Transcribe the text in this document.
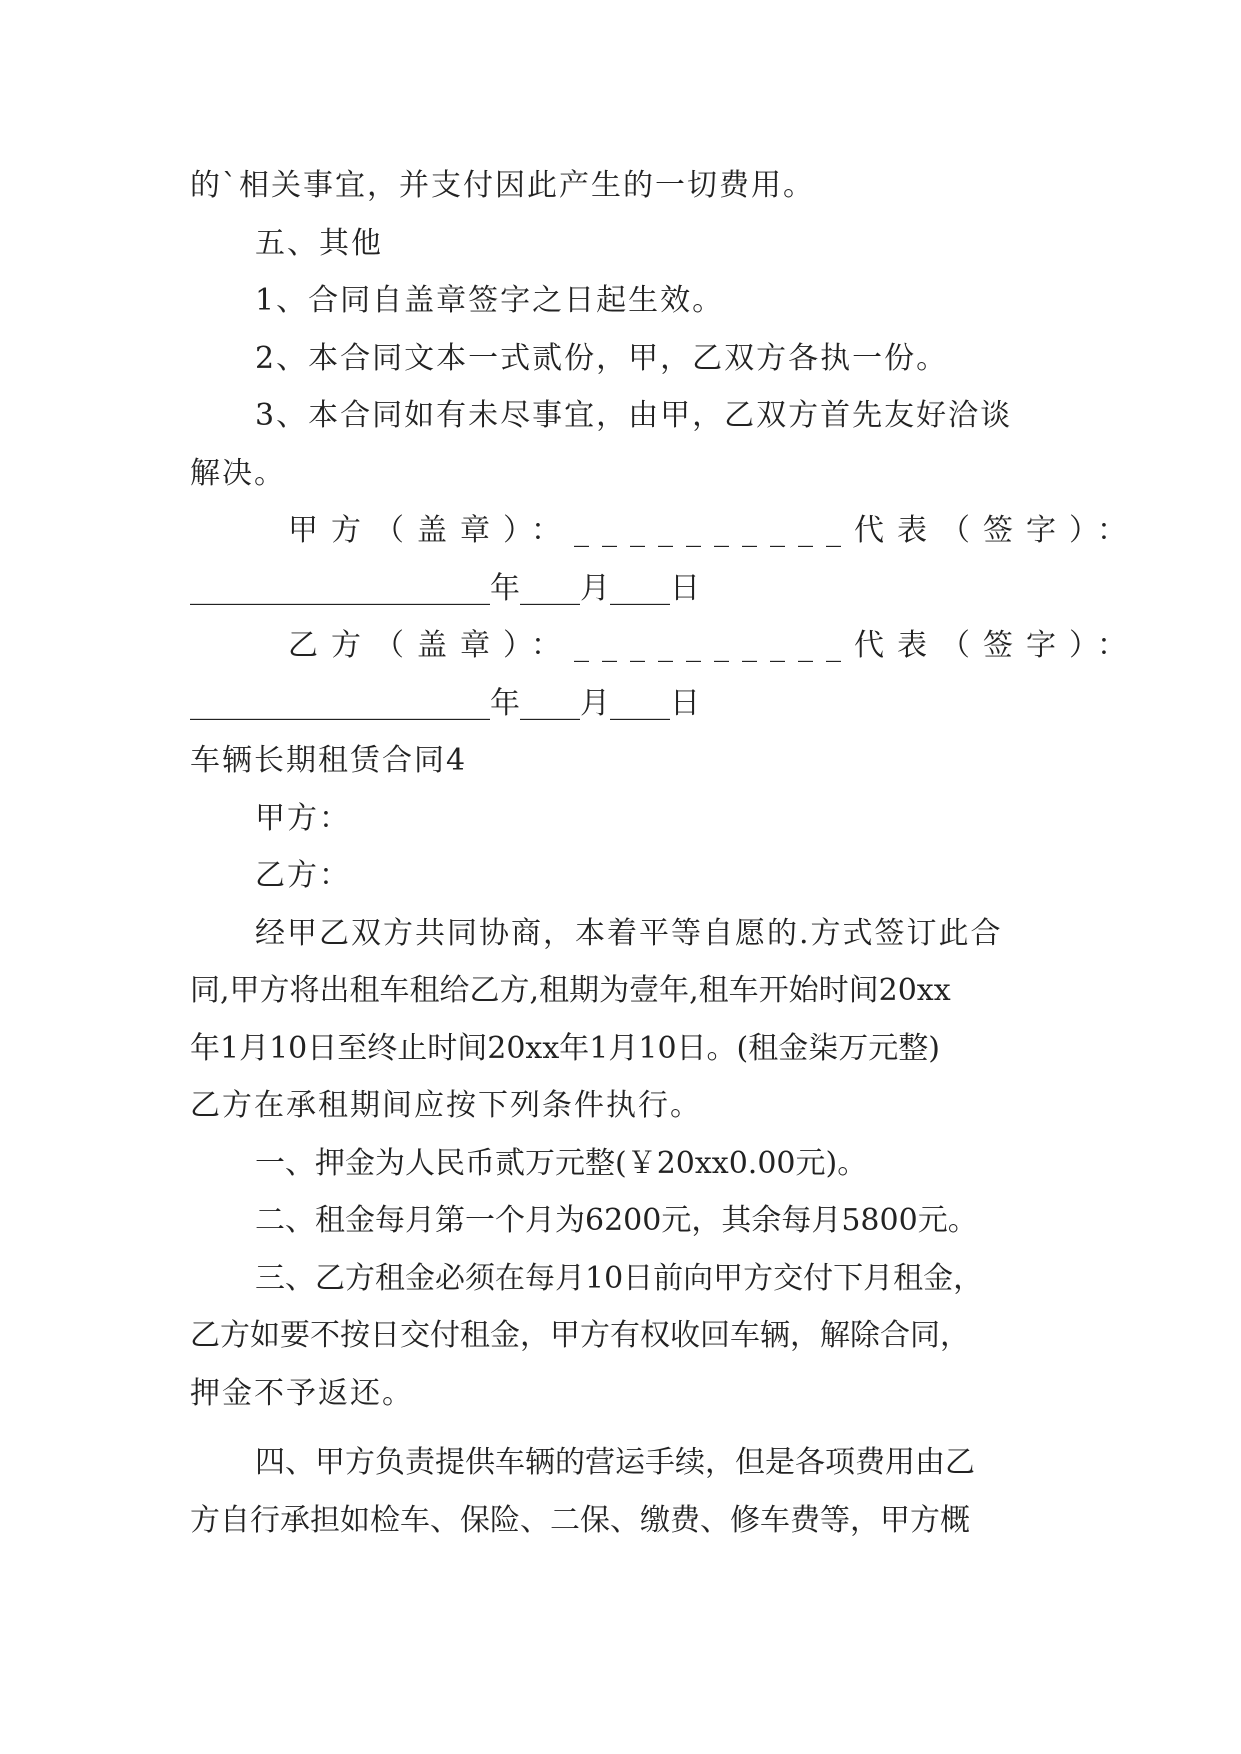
的`相关事宜，并支付因此产生的一切费用。
五、其他
1、合同自盖章签字之日起生效。
2、本合同文本一式贰份，甲，乙双方各执一份。
3、本合同如有未尽事宜，由甲，乙双方首先友好洽谈
解决。
甲方（盖章）：__________代表（签字）：
____________________年____月____日
乙方（盖章）：__________代表（签字）：
____________________年____月____日
车辆长期租赁合同4
甲方：
乙方：
经甲乙双方共同协商，本着平等自愿的.方式签订此合
同,甲方将出租车租给乙方,租期为壹年,租车开始时间20xx
年1月10日至终止时间20xx年1月10日。(租金柒万元整)
乙方在承租期间应按下列条件执行。
一、押金为人民币贰万元整(￥20xx0.00元)。
二、租金每月第一个月为6200元，其余每月5800元。
三、乙方租金必须在每月10日前向甲方交付下月租金，
乙方如要不按日交付租金，甲方有权收回车辆，解除合同，
押金不予返还。
四、甲方负责提供车辆的营运手续，但是各项费用由乙
方自行承担如检车、保险、二保、缴费、修车费等，甲方概
